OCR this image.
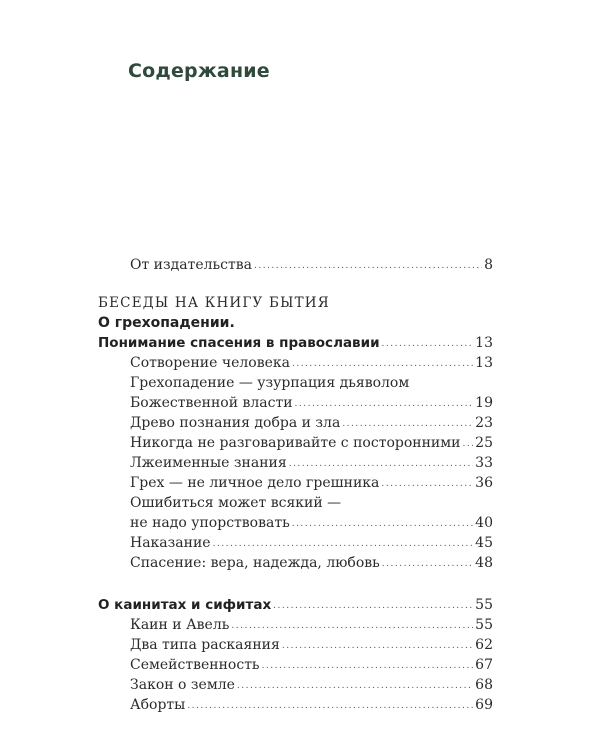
Содержание
От издательства .....	8
БЕСЕДЫ НА КНИГУ БЫТИЯ
О грехопадении.
Понимание спасения в православии .....	13
Сотворение человека .....	13
Грехопадение — узурпация дьяволом
Божественной власти .....	19
Древо познания добра и зла .....	23
Никогда не разговаривайте с посторонними ..... 25
Лжеименные знания .....	33
Грех — не личное дело грешника .....	36
Ошибиться может всякий —
не надо упорствовать .....	40
Наказание .....	45
Спасение: вера, надежда, любовь .....	48
О каинитах и сифитах .....	55
Каин и Авель .....	55
Два типа раскаяния .....	62
Семейственность .....	67
Закон о земле .....	68
Аборты .....	69
